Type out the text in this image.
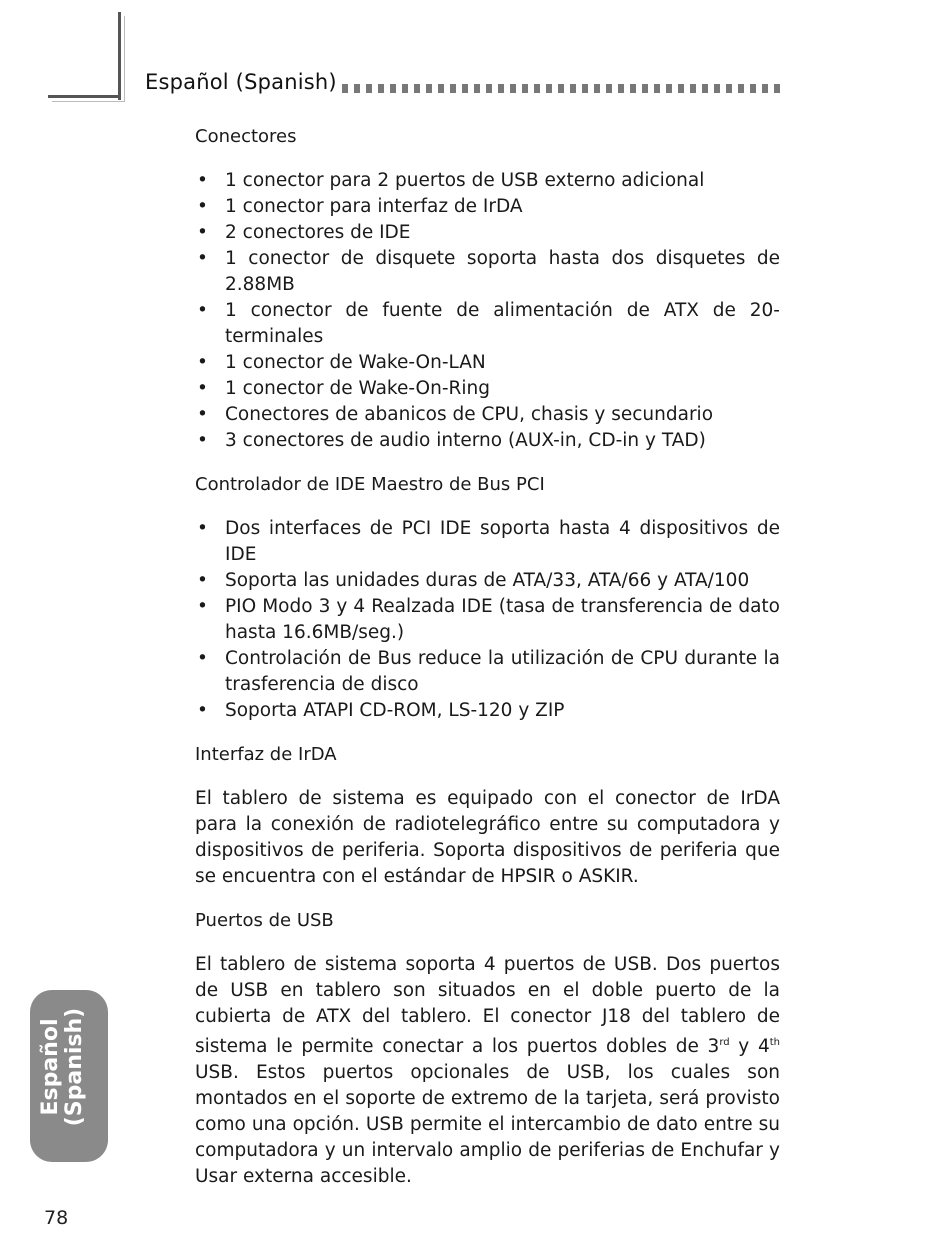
Español (Spanish)
Conectores
• 1 conector para 2 puertos de USB externo adicional
• 1 conector para interfaz de IrDA
• 2 conectores de IDE
• 1 conector de disquete soporta hasta dos disquetes de 2.88MB
• 1 conector de fuente de alimentación de ATX de 20-terminales
• 1 conector de Wake-On-LAN
• 1 conector de Wake-On-Ring
• Conectores de abanicos de CPU, chasis y secundario
• 3 conectores de audio interno (AUX-in, CD-in y TAD)
Controlador de IDE Maestro de Bus PCI
• Dos interfaces de PCI IDE soporta hasta 4 dispositivos de IDE
• Soporta las unidades duras de ATA/33, ATA/66 y ATA/100
• PIO Modo 3 y 4 Realzada IDE (tasa de transferencia de dato hasta 16.6MB/seg.)
• Controlación de Bus reduce la utilización de CPU durante la trasferencia de disco
• Soporta ATAPI CD-ROM, LS-120 y ZIP
Interfaz de IrDA

El tablero de sistema es equipado con el conector de IrDA para la conexión de radiotelegráfico entre su computadora y dispositivos de periferia. Soporta dispositivos de periferia que se encuentra con el estándar de HPSIR o ASKIR.

Puertos de USB

El tablero de sistema soporta 4 puertos de USB. Dos puertos de USB en tablero son situados en el doble puerto de la cubierta de ATX del tablero. El conector J18 del tablero de sistema le permite conectar a los puertos dobles de 3rd y 4th USB. Estos puertos opcionales de USB, los cuales son montados en el soporte de extremo de la tarjeta, será provisto como una opción. USB permite el intercambio de dato entre su computadora y un intervalo amplio de periferias de Enchufar y Usar externa accesible.

Español (Spanish)
78
